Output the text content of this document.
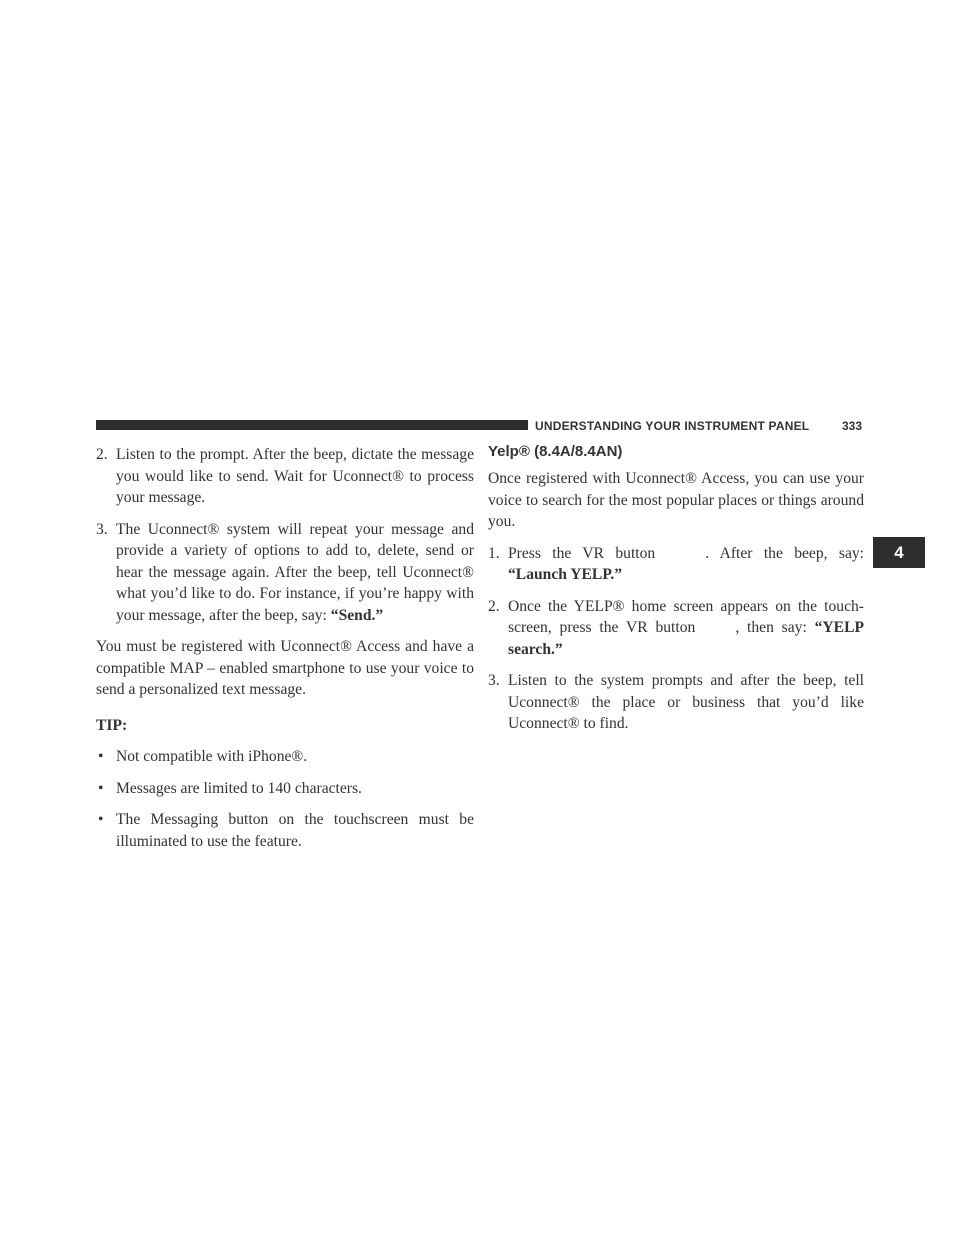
UNDERSTANDING YOUR INSTRUMENT PANEL	333
4
2. Listen to the prompt. After the beep, dictate the message you would like to send. Wait for Uconnect® to process your message.
3. The Uconnect® system will repeat your message and provide a variety of options to add to, delete, send or hear the message again. After the beep, tell Uconnect® what you’d like to do. For instance, if you’re happy with your message, after the beep, say: “Send.”

You must be registered with Uconnect® Access and have a compatible MAP – enabled smartphone to use your voice to send a personalized text message.

TIP:

• Not compatible with iPhone®.
• Messages are limited to 140 characters.
• The Messaging button on the touchscreen must be illuminated to use the feature.
Yelp® (8.4A/8.4AN)

Once registered with Uconnect® Access, you can use your voice to search for the most popular places or things around you.

1. Press the VR button	. After the beep, say: “Launch YELP.”
2. Once the YELP® home screen appears on the touch-screen, press the VR button	, then say: “YELP search.”
3. Listen to the system prompts and after the beep, tell Uconnect® the place or business that you’d like Uconnect® to find.
